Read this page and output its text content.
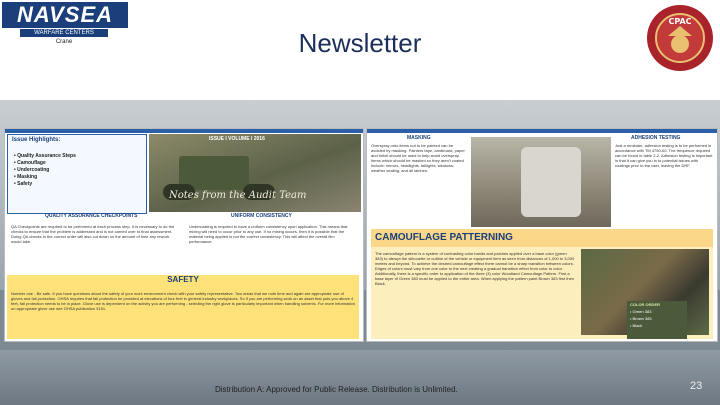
NAVSEA
WARFARE CENTERS
Crane	Newsletter
CPAC
Issue Highlights:
• Quality Assurance Steps
• Camouflage
• Undercoating
• Masking
• Safety
ISSUE I VOLUME I 2016
Notes from the Audit Team
QUALITY ASSURANCE CHECKPOINTS	UNIFORM CONSISTENCY
QA Checkpoints are required to be performed at each process step. It is necessary to do the checks to ensure that the problem is addressed and is not carried over to final assessment. Doing QA checks in the correct order will also cut down on the amount of time any rework would take.
Undercoating is required to have a uniform consistency upon application. This means that mixing will need to occur prior to any use. If no mixing occurs, then it is possible that the material being applied is not the correct consistency. This will affect the overall film performance.
SAFETY
Number one - Be safe. If you have questions about the safety of your work environment check with your safety representative. Two areas that we note time and again are appropriate use of gloves and fall protection. OHSA requires that fall protection be provided at elevations of four feet in general industry workplaces. So if you are performing work on an asset that puts you above 4 feet, fall protection needs to be in place. Glove use is dependent on the activity you are performing - selecting the right glove is particularly important when handling solvents. For more information on appropriate glove use see OHSA publication 3151.
MASKING
Overspray onto items not to be painted can be avoided by masking. Painters tape, cardboard, paper and tinfoil should be used to help avoid overspray. Items which should be masked so they aren't coated include: mirrors, headlights, taillights, windows, weather sealing, and all latches.
ADHESION TESTING
Just a reminder, adhesion testing is to be performed in accordance with TM 4750-00. The frequence required can be found in table 2-2. Adhesion testing is important in that it can give you in to potential issues with coatings prior to the user, leaving the DRF.
CAMOUFLAGE PATTERNING
The camouflage pattern is a system of contrasting color bands and patches applied over a base color (green 383) to disrupt the silhouette or outline of the vehicle or equipment item as seen from distances of 1,000 to 3,000 meters and beyond. To achieve the desired camouflage effect there cannot be a sharp transition between colors. Edges of colors must vary from one color to the next creating a gradual transition effect from color to color. Additionally, there is a specific order to application of the three (3) color Woodland Camouflage Pattern. First a base layer of Green 383 must be applied to the entire area. When applying the pattern paint Brown 383 first then Black.
COLOR ORDER
• Green 383
• Brown 383
• Black
Distribution A: Approved for Public Release. Distribution is Unlimited.	23
